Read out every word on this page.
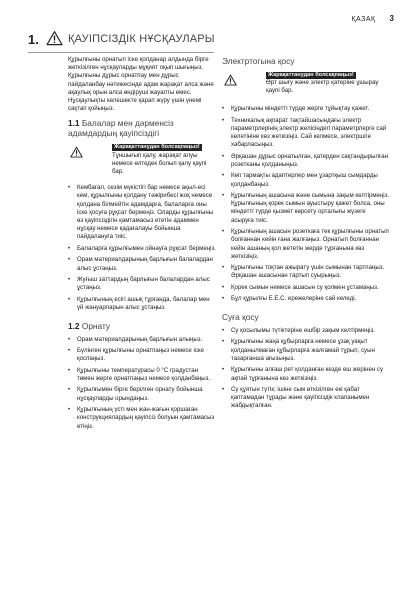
ҚАЗАҚ 3
1.	ҚАУІПСІЗДІК НҰСҚАУЛАРЫ

Құрылғыны орнатып іске қолданар алдында бірге жеткізілген нұсқауларды мұқият оқып шығыңыз. Құрылғыны дұрыс орнатпау мен дұрыс пайдаланбау нәтижесінде адам жарақат алса және ақаулық орын алса өндіруші жауапты емес. Нұсқаулықты келешекте қарап жүру үшін үнемі сақтап қойыңыз.

1.1 Балалар мен дәрменсіз адамдардың қауіпсіздігі
Жарақаттанудан болсақпаңыз!

Тұншығып қалу, жарақат алуы немесе өлтедек болып қалу қаупі бар.

• Кембағал, сезім мүкістігі бар немесе ақыл-есі кем, құрылғыны қолдану тәжірибесі жоқ немесе қолдана білмейтін адамдарға, балаларға оны іске қосуға рұқсат бермеңіз. Оларды құрылғыны өз қауіпсіздігін қамтамасыз ететін адаммен нұсқау немесе қадағалауы бойынша пайдалануға тиіс.
• Балаларға құрылғымен ойнауға рұқсат бермеңіз.
• Орам материалдарының барлығын балалардан алыс ұстаңыз.
• Жуғыш заттардың барлығын балалардан алыс ұстаңыз.
• Құрылғының есігі ашық тұрғанда, балалар мен үй жануарларын алыс ұстаңыз.
1.2 Орнату
• Орам материалдарының барлығын алыңыз.
• Бүлінген құрылғыны орнатпаңыз немесе іске қоспаңыз.
• Құрылғыны температурасы 0 °C градустан төмен жерге орнатпаңыз немесе қолданбаңыз.
• Құрылғымен бірге берілген орнату бойынша нұсқауларды орындаңыз.
• Құрылғының үсті мен жан-жағын қоршаған конструкциялардың қауіпсіз болуын қамтамасыз етіңіз.
Электртогына қосу
Жарақаттанудан болсақпаңыз!

Өрт шығу және электр қатеріне ұшырау қаупі бар.

• Құрылғыны міндетті түрде жерге тұйықтау қажет.
• Техникалық ақпарат тақтайшасындағы электр параметрлерінің электр желісіндегі параметрлерге сай келетініне көз жеткізіңіз. Сай келмесе, электршіге хабарласыңыз.
• Әрқашан дұрыс орнатылған, қатерден сақтандырылған розетканы қолданыңыз.
• Көп тармақты адаптерлер мен ұзартқыш сымдарды қолданбаңыз.
• Құрылғының ашасына және сымына зақым келтірмеңіз. Құрылғының қорек сымын ауыстыру қажет болса, оны міндетті түрде қызмет көрсету орталығы жүзеге асыруға тиіс.
• Құрылғының ашасын розеткаға тек құрылғыны орнатып болғаннан кейін ғана жалғаңыз. Орнатып болғаннан кейін ашаның қол жететін жерде тұрғанына көз жеткізіңіз.
• Құрылғыны тоқтан ажырату үшін сымынан тартпаңыз. Әрқашан ашасынан тартып суырыңыз.
• Қорек сымын немесе ашасын су қолмен ұстамаңыз.
• Бұл құрылғы Е.Е.С. ережелеріне сай келеді.
Суға қосу
• Су қосылымы түтіктеріне ешбір зақым келтірмеңіз.
• Құрылғыны жаңа құбырларға немесе ұзақ уақыт қолданылмаған құбырларға жалғамай тұрып, суын тазарғанша ағызыңыз.
• Құрылғыны алғаш рет қолданған кезде еш жерінен су ақпай тұрғанына көз жеткізіңіз.
• Су құятын түтік; ішіне сым өткізілген екі қабат қаптамадан тұрады және қауіпсіздік клапанымен жабдықталған.
